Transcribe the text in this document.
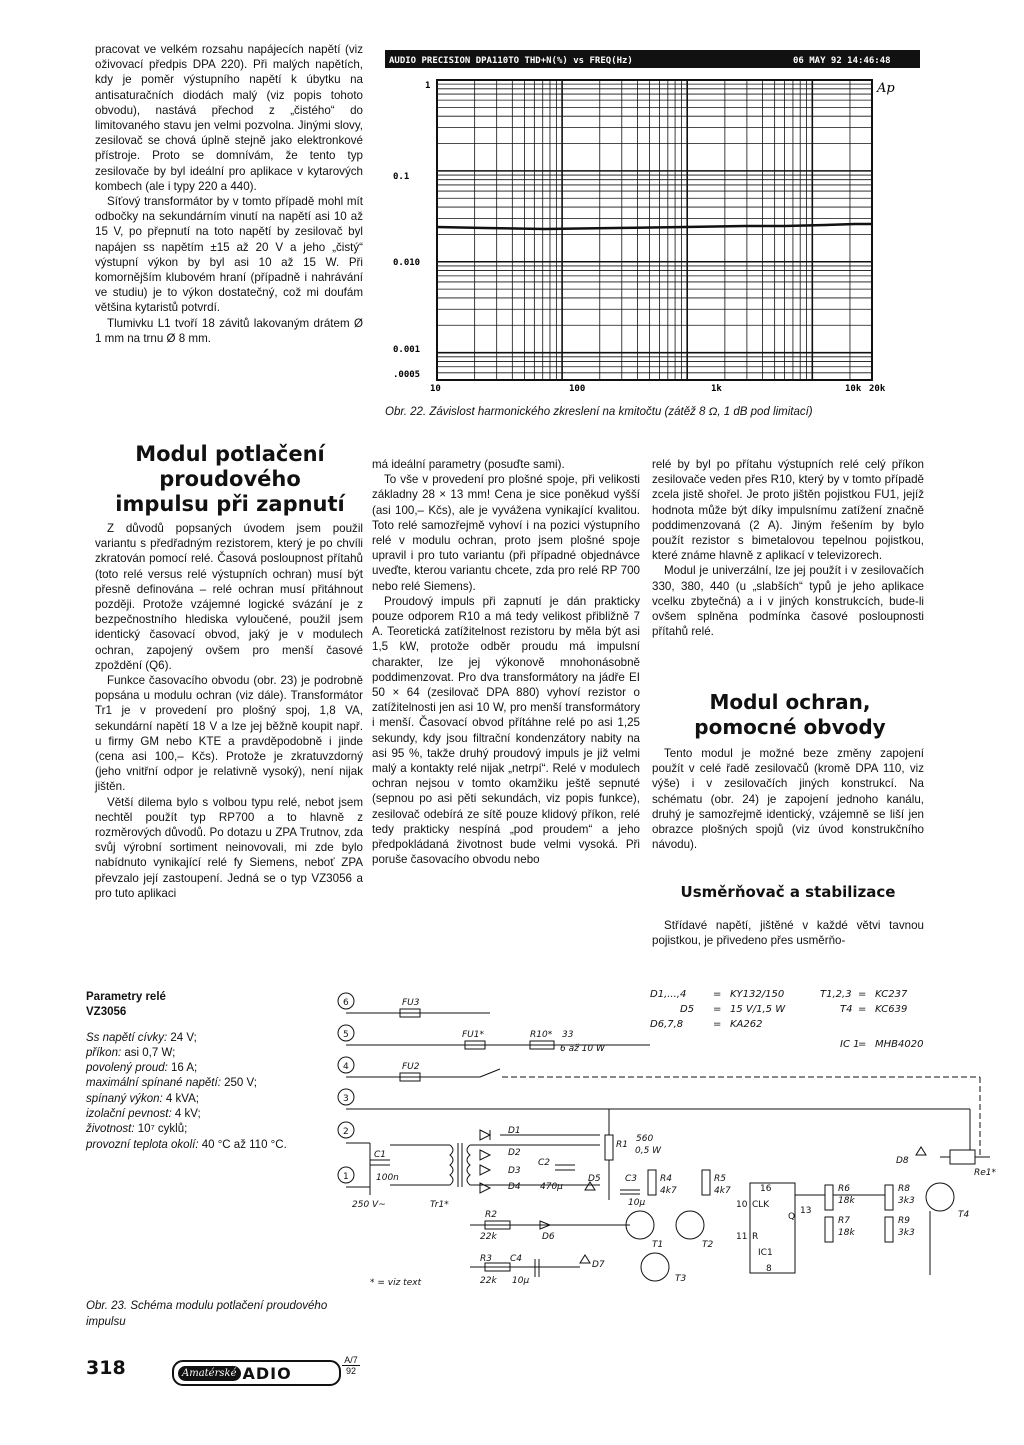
pracovat ve velkém rozsahu napájecích napětí (viz oživovací předpis DPA 220). Při malých napětích, kdy je poměr výstupního napětí k úbytku na antisaturačních diodách malý (viz popis tohoto obvodu), nastává přechod z „čistého“ do limitovaného stavu jen velmi pozvolna. Jinými slovy, zesilovač se chová úplně stejně jako elektronkové přístroje. Proto se domnívám, že tento typ zesilovače by byl ideální pro aplikace v kytarových kombech (ale i typy 220 a 440).

Síťový transformátor by v tomto případě mohl mít odbočky na sekundárním vinutí na napětí asi 10 až 15 V, po přepnutí na toto napětí by zesilovač byl napájen ss napětím ±15 až 20 V a jeho „čistý“ výstupní výkon by byl asi 10 až 15 W. Při komornějším klubovém hraní (případně i nahrávání ve studiu) je to výkon dostatečný, což mi doufám většina kytaristů potvrdí.

Tlumivku L1 tvoří 18 závitů lakovaným drátem Ø 1 mm na trnu Ø 8 mm.

Modul potlačení proudového impulsu při zapnutí

Z důvodů popsaných úvodem jsem použil variantu s předřadným rezistorem, který je po chvíli zkratován pomocí relé. Časová posloupnost přítahů (toto relé versus relé výstupních ochran) musí být přesně definována – relé ochran musí přitáhnout později. Protože vzájemné logické svázání je z bezpečnostního hlediska vyloučené, použil jsem identický časovací obvod, jaký je v modulech ochran, zapojený ovšem pro menší časové zpoždění (Q6).

Funkce časovacího obvodu (obr. 23) je podrobně popsána u modulu ochran (viz dále). Transformátor Tr1 je v provedení pro plošný spoj, 1,8 VA, sekundární napětí 18 V a lze jej běžně koupit např. u firmy GM nebo KTE a pravděpodobně i jinde (cena asi 100,– Kčs). Protože je zkratuvzdorný (jeho vnitřní odpor je relativně vysoký), není nijak jištěn.

Větší dilema bylo s volbou typu relé, nebot jsem nechtěl použít typ RP700 a to hlavně z rozměrových důvodů. Po dotazu u ZPA Trutnov, zda svůj výrobní sortiment neinovovali, mi zde bylo nabídnuto vynikající relé fy Siemens, neboť ZPA převzalo její zastoupení. Jedná se o typ VZ3056 a pro tuto aplikaci

AUDIO PRECISION DPA110TO THD+N(%) vs FREQ(Hz)	06 MAY 92 14:46:48
Ap
1
0.1
0.010
0.001
.0005
10	100	1k	10k 20k
Obr. 22. Závislost harmonického zkreslení na kmitočtu (zátěž 8 Ω, 1 dB pod limitací)

má ideální parametry (posuďte sami).

To vše v provedení pro plošné spoje, při velikosti základny 28 × 13 mm! Cena je sice poněkud vyšší (asi 100,– Kčs), ale je vyvážena vynikající kvalitou. Toto relé samozřejmě vyhoví i na pozici výstupního relé v modulu ochran, proto jsem plošné spoje upravil i pro tuto variantu (při případné objednávce uveďte, kterou variantu chcete, zda pro relé RP 700 nebo relé Siemens).

Proudový impuls při zapnutí je dán prakticky pouze odporem R10 a má tedy velikost přibližně 7 A. Teoretická zatížitelnost rezistoru by měla být asi 1,5 kW, protože odběr proudu má impulsní charakter, lze jej výkonově mnohonásobně poddimenzovat. Pro dva transformátory na jádře EI 50 × 64 (zesilovač DPA 880) vyhoví rezistor o zatížitelnosti jen asi 10 W, pro menší transformátory i menší. Časovací obvod přítáhne relé po asi 1,25 sekundy, kdy jsou filtrační kondenzátory nabity na asi 95 %, takže druhý proudový impuls je již velmi malý a kontakty relé nijak „netrpí“. Relé v modulech ochran nejsou v tomto okamžiku ještě sepnuté (sepnou po asi pěti sekundách, viz popis funkce), zesilovač odebírá ze sítě pouze klidový příkon, relé tedy prakticky nespíná „pod proudem“ a jeho předpokládaná životnost bude velmi vysoká. Při poruše časovacího obvodu nebo

relé by byl po přítahu výstupních relé celý příkon zesilovače veden přes R10, který by v tomto případě zcela jistě shořel. Je proto jištěn pojistkou FU1, jejíž hodnota může být díky impulsnímu zatížení značně poddimenzovaná (2 A). Jiným řešením by bylo použít rezistor s bimetalovou tepelnou pojistkou, které známe hlavně z aplikací v televizorech.

Modul je univerzální, lze jej použít i v zesilovačích 330, 380, 440 (u „slabších“ typů je jeho aplikace vcelku zbytečná) a i v jiných konstrukcích, bude-li ovšem splněna podmínka časové posloupnosti přítahů relé.

Modul ochran, pomocné obvody

Tento modul je možné beze změny zapojení použít v celé řadě zesilovačů (kromě DPA 110, viz výše) i v zesilovačích jiných konstrukcí. Na schématu (obr. 24) je zapojení jednoho kanálu, druhý je samozřejmě identický, vzájemně se liší jen obrazce plošných spojů (viz úvod konstrukčního návodu).

Usměrňovač a stabilizace

Střídavé napětí, jištěné v každé větvi tavnou pojistkou, je přivedeno přes usměrňo-

Parametry relé
VZ3056
Ss napětí cívky: 24 V;
příkon: asi 0,7 W;
povolený proud: 16 A;
maximální spínané napětí: 250 V;
spínaný výkon: 4 kVA;
izolační pevnost: 4 kV;
životnost: 10⁷ cyklů;
provozní teplota okolí: 40 °C až 110 °C.
6
5
4
3
2
1
FU3
FU1*	R10* 33
6 až 10 W
FU2
C1
100n
250 V~	Tr1*
D1
D2
D3
D4
C2
470μ
R1
560
0,5 W
D5	C3
10μ
R4
4k7
R5
4k7	16
10 CLK
Q
13
11 R
IC1
8
R2
22k	D6
R3
22k
C4
10μ
D7
T1	T2
T3
T4
R6
18k
R7
18k
R8
3k3
R9
3k3
D8
Re1*
* = viz text
D1,...,4	= KY132/150	T1,2,3 = KC237
D5 = 15 V/1,5 W	T4 = KC639
D6,7,8	= KA262
IC 1
= MHB4020
Obr. 23. Schéma modulu potlačení proudového impulsu
318	Amatérské ADIO
A/7
92
